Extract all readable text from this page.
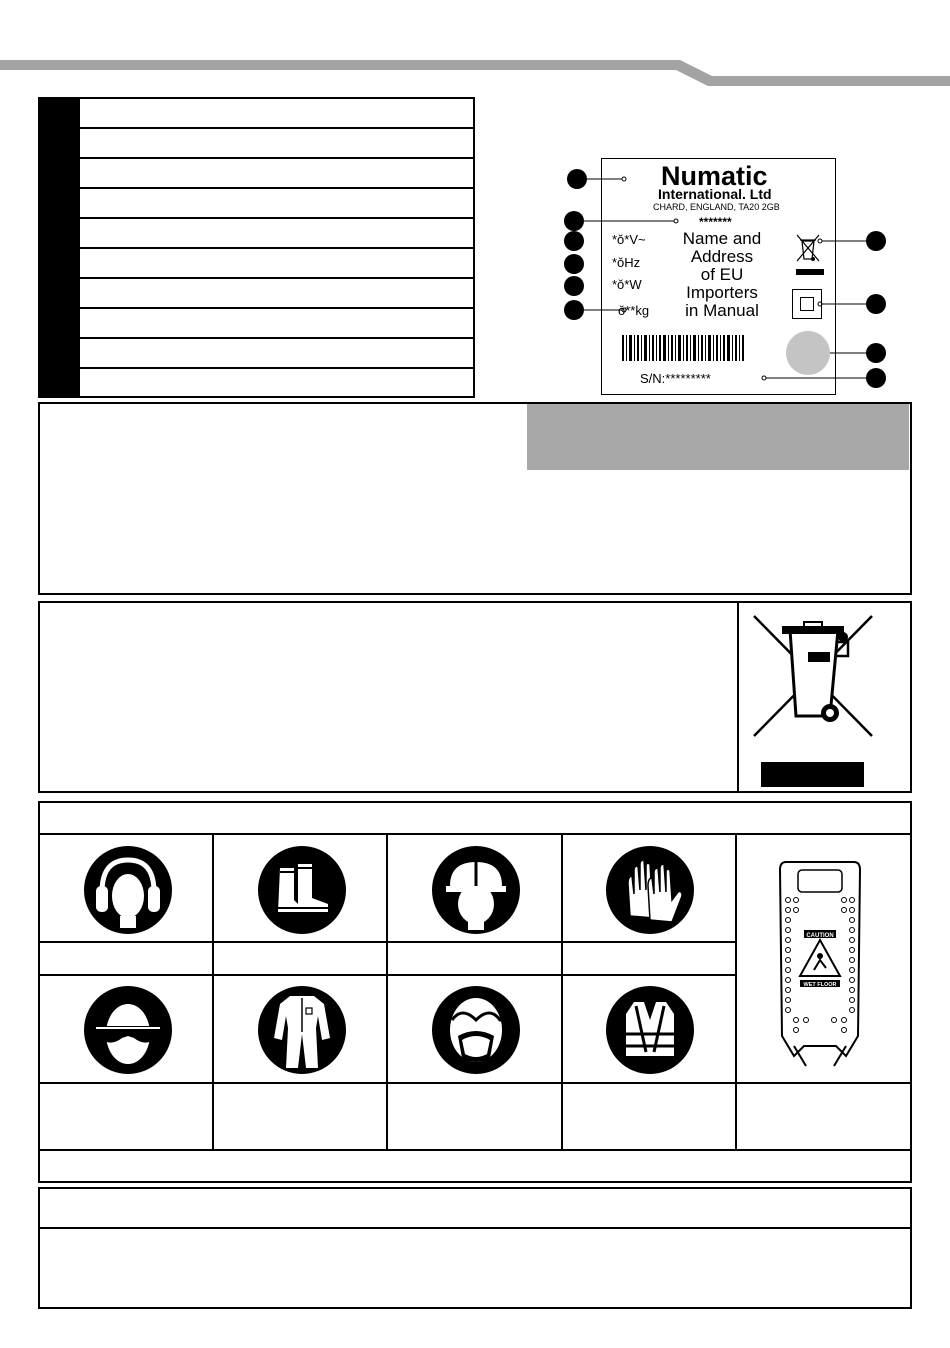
Numatic
International. Ltd
CHARD, ENGLAND, TA20 2GB
*******
*ǒ*V~
*ǒHz
*ǒ*W
ǒ**kg
Name and
Address
of EU
Importers
in Manual
S/N:*********
CAUTION
WET FLOOR
